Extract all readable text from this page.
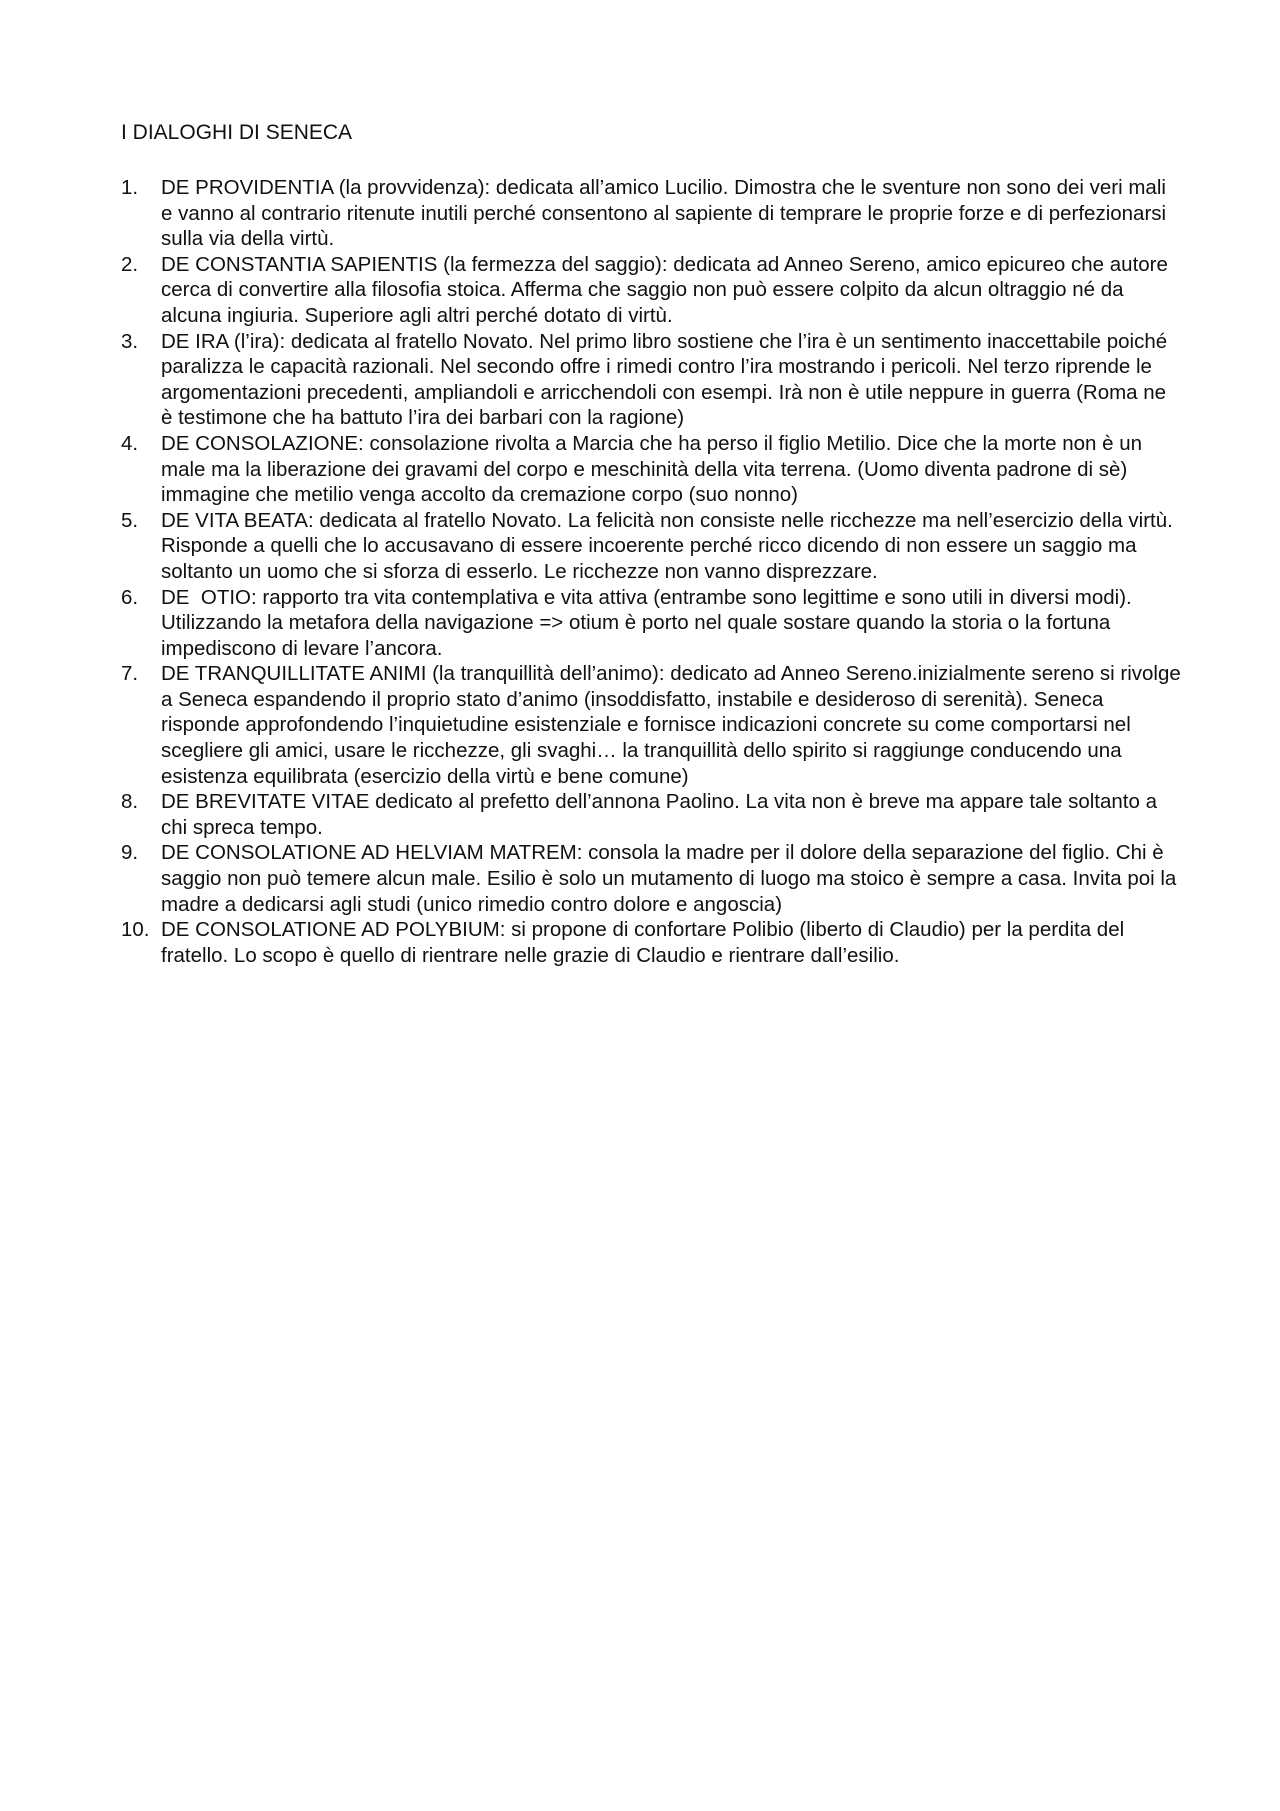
I DIALOGHI DI SENECA
1.	DE PROVIDENTIA (la provvidenza): dedicata all’amico Lucilio. Dimostra che le sventure non sono dei veri mali e vanno al contrario ritenute inutili perché consentono al sapiente di temprare le proprie forze e di perfezionarsi sulla via della virtù.
2.	DE CONSTANTIA SAPIENTIS (la fermezza del saggio): dedicata ad Anneo Sereno, amico epicureo che autore cerca di convertire alla filosofia stoica. Afferma che saggio non può essere colpito da alcun oltraggio né da alcuna ingiuria. Superiore agli altri perché dotato di virtù.
3.	DE IRA (l’ira): dedicata al fratello Novato. Nel primo libro sostiene che l’ira è un sentimento inaccettabile poiché paralizza le capacità razionali. Nel secondo offre i rimedi contro l’ira mostrando i pericoli. Nel terzo riprende le argomentazioni precedenti, ampliandoli e arricchendoli con esempi. Irà non è utile neppure in guerra (Roma ne è testimone che ha battuto l’ira dei barbari con la ragione)
4.	DE CONSOLAZIONE: consolazione rivolta a Marcia che ha perso il figlio Metilio. Dice che la morte non è un male ma la liberazione dei gravami del corpo e meschinità della vita terrena. (Uomo diventa padrone di sè) immagine che metilio venga accolto da cremazione corpo (suo nonno)
5.	DE VITA BEATA: dedicata al fratello Novato. La felicità non consiste nelle ricchezze ma nell’esercizio della virtù. Risponde a quelli che lo accusavano di essere incoerente perché ricco dicendo di non essere un saggio ma soltanto un uomo che si sforza di esserlo. Le ricchezze non vanno disprezzare.
6.	DE  OTIO: rapporto tra vita contemplativa e vita attiva (entrambe sono legittime e sono utili in diversi modi). Utilizzando la metafora della navigazione => otium è porto nel quale sostare quando la storia o la fortuna impediscono di levare l’ancora.
7.	DE TRANQUILLITATE ANIMI (la tranquillità dell’animo): dedicato ad Anneo Sereno.inizialmente sereno si rivolge a Seneca espandendo il proprio stato d’animo (insoddisfatto, instabile e desideroso di serenità). Seneca risponde approfondendo l’inquietudine esistenziale e fornisce indicazioni concrete su come comportarsi nel scegliere gli amici, usare le ricchezze, gli svaghi… la tranquillità dello spirito si raggiunge conducendo una esistenza equilibrata (esercizio della virtù e bene comune)
8.	DE BREVITATE VITAE dedicato al prefetto dell’annona Paolino. La vita non è breve ma appare tale soltanto a chi spreca tempo.
9.	DE CONSOLATIONE AD HELVIAM MATREM: consola la madre per il dolore della separazione del figlio. Chi è saggio non può temere alcun male. Esilio è solo un mutamento di luogo ma stoico è sempre a casa. Invita poi la madre a dedicarsi agli studi (unico rimedio contro dolore e angoscia)
10. DE CONSOLATIONE AD POLYBIUM: si propone di confortare Polibio (liberto di Claudio) per la perdita del fratello. Lo scopo è quello di rientrare nelle grazie di Claudio e rientrare dall’esilio.
